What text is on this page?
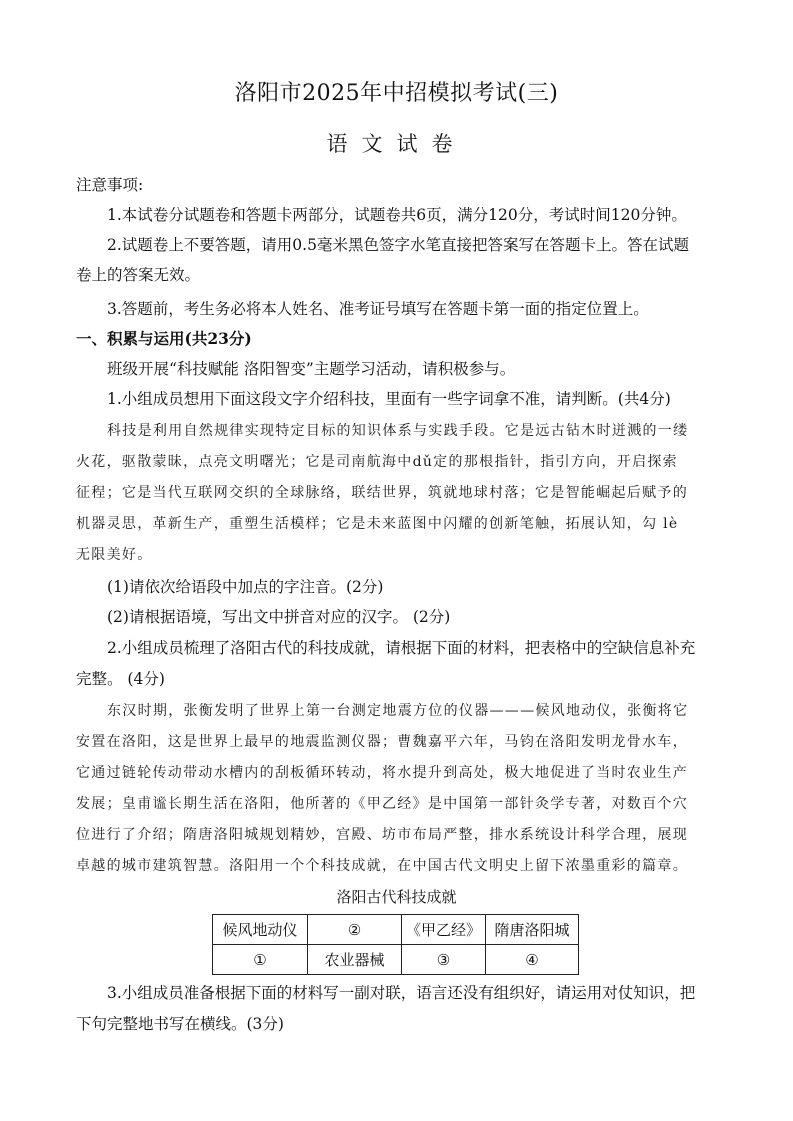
洛阳市2025年中招模拟考试(三)
语文试卷
注意事项:
1.本试卷分试题卷和答题卡两部分，试题卷共6页，满分120分，考试时间120分钟。
2.试题卷上不要答题，请用0.5毫米黑色签字水笔直接把答案写在答题卡上。答在试题
卷上的答案无效。
3.答题前，考生务必将本人姓名、准考证号填写在答题卡第一面的指定位置上。
一、积累与运用(共23分)
班级开展“科技赋能 洛阳智变”主题学习活动，请积极参与。
1.小组成员想用下面这段文字介绍科技，里面有一些字词拿不准，请判断。(共4分)
科技是利用自然规律实现特定目标的知识体系与实践手段。它是远古钻木时迸溅的一缕
火花，驱散蒙昧，点亮文明曙光；它是司南航海中dǔ定的那根指针，指引方向，开启探索
征程；它是当代互联网交织的全球脉络，联结世界，筑就地球村落；它是智能崛起后赋予的
机器灵思，革新生产，重塑生活模样；它是未来蓝图中闪耀的创新笔触，拓展认知，勾 lè
无限美好。
(1)请依次给语段中加点的字注音。(2分)
(2)请根据语境，写出文中拼音对应的汉字。 (2分)
2.小组成员梳理了洛阳古代的科技成就，请根据下面的材料，把表格中的空缺信息补充
完整。 (4分)
东汉时期，张衡发明了世界上第一台测定地震方位的仪器———候风地动仪，张衡将它
安置在洛阳，这是世界上最早的地震监测仪器；曹魏嘉平六年，马钧在洛阳发明龙骨水车，
它通过链轮传动带动水槽内的刮板循环转动，将水提升到高处，极大地促进了当时农业生产
发展；皇甫谧长期生活在洛阳，他所著的《甲乙经》是中国第一部针灸学专著，对数百个穴
位进行了介绍；隋唐洛阳城规划精妙，宫殿、坊市布局严整，排水系统设计科学合理，展现
卓越的城市建筑智慧。洛阳用一个个科技成就，在中国古代文明史上留下浓墨重彩的篇章。
洛阳古代科技成就
候风地动仪	②	《甲乙经》	隋唐洛阳城
①	农业器械	③	④
3.小组成员准备根据下面的材料写一副对联，语言还没有组织好，请运用对仗知识，把
下句完整地书写在横线。(3分)
